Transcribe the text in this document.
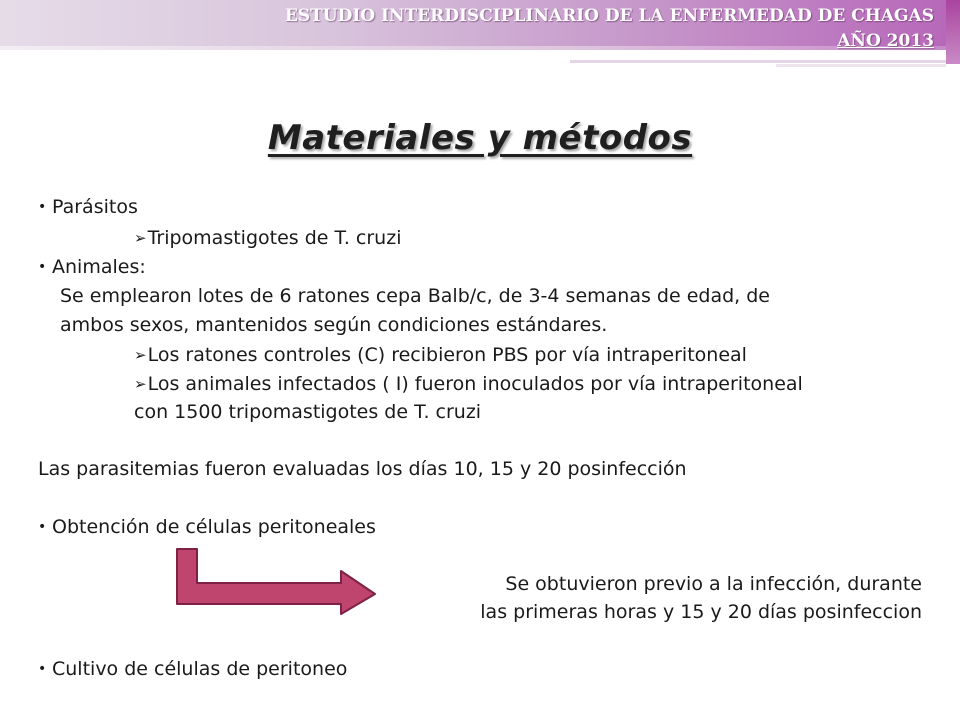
ESTUDIO INTERDISCIPLINARIO DE LA ENFERMEDAD DE CHAGAS
AÑO 2013
Materiales y métodos
• Parásitos
➢Tripomastigotes de T. cruzi
• Animales:
Se emplearon lotes de 6 ratones cepa Balb/c, de 3-4 semanas de edad, de
ambos sexos, mantenidos según condiciones estándares.
➢Los ratones controles (C) recibieron PBS por vía intraperitoneal
➢Los animales infectados ( I) fueron inoculados por vía intraperitoneal
con 1500 tripomastigotes de T. cruzi
Las parasitemias fueron evaluadas los días 10, 15 y 20 posinfección
• Obtención de células peritoneales
Se obtuvieron previo a la infección, durante
las primeras horas y 15 y 20 días posinfeccion
• Cultivo de células de peritoneo
